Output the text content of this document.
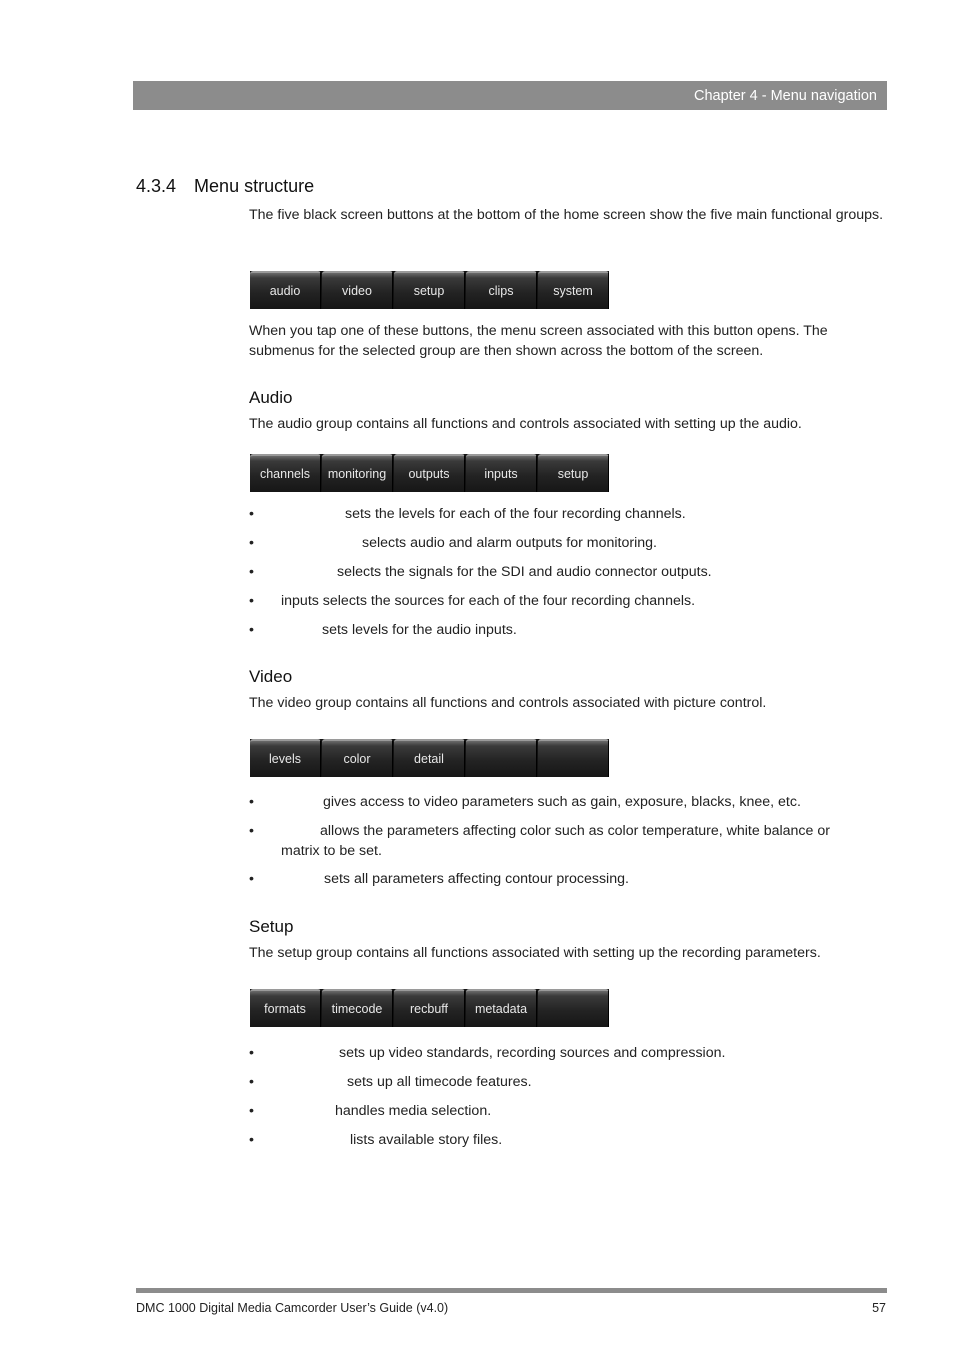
Chapter 4 - Menu navigation
4.3.4 Menu structure
The five black screen buttons at the bottom of the home screen show the five main functional groups.
audio	video	setup	clips	system
When you tap one of these buttons, the menu screen associated with this button opens. The submenus for the selected group are then shown across the bottom of the screen.
Audio
The audio group contains all functions and controls associated with setting up the audio.
channels	monitoring	outputs	inputs	setup
•	sets the levels for each of the four recording channels.
•	selects audio and alarm outputs for monitoring.
•	selects the signals for the SDI and audio connector outputs.
•	inputs selects the sources for each of the four recording channels.
•	sets levels for the audio inputs.
Video
The video group contains all functions and controls associated with picture control.
levels	color	detail
•	gives access to video parameters such as gain, exposure, blacks, knee, etc.
•	allows the parameters affecting color such as color temperature, white balance or
matrix to be set.
•	sets all parameters affecting contour processing.
Setup
The setup group contains all functions associated with setting up the recording parameters.
formats	timecode	recbuff	metadata
•	sets up video standards, recording sources and compression.
•	sets up all timecode features.
•	handles media selection.
•	lists available story files.
DMC 1000 Digital Media Camcorder User’s Guide (v4.0)	57
